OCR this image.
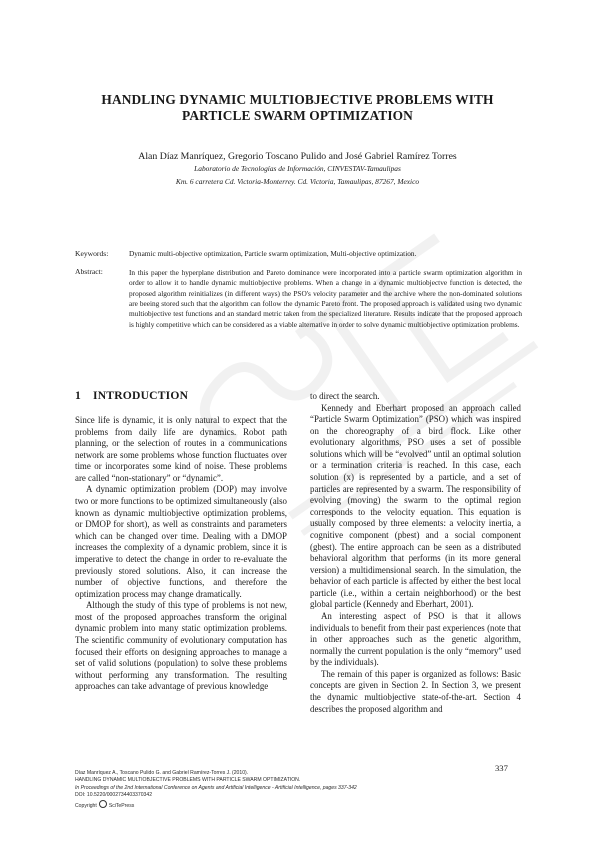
HANDLING DYNAMIC MULTIOBJECTIVE PROBLEMS WITH
PARTICLE SWARM OPTIMIZATION
Alan Díaz Manríquez, Gregorio Toscano Pulido and José Gabriel Ramírez Torres
Laboratorio de Tecnologías de Información, CINVESTAV-Tamaulipas
Km. 6 carretera Cd. Victoria-Monterrey. Cd. Victoria, Tamaulipas, 87267, Mexico
Keywords:	Dynamic multi-objective optimization, Particle swarm optimization, Multi-objective optimization.
Abstract:	In this paper the hyperplane distribution and Pareto dominance were incorporated into a particle swarm optimization algorithm in order to allow it to handle dynamic multiobjective problems. When a change in a dynamic multiobjectve function is detected, the proposed algorithm reinitializes (in different ways) the PSO's velocity parameter and the archive where the non-dominated solutions are beeing stored such that the algorithm can follow the dynamic Pareto front. The proposed approach is validated using two dynamic multiobjective test functions and an standard metric taken from the specialized literature. Results indicate that the proposed approach is highly competitive which can be considered as a viable alternative in order to solve dynamic multiobjective optimization problems.
1 INTRODUCTION

Since life is dynamic, it is only natural to expect that the problems from daily life are dynamics. Robot path planning, or the selection of routes in a communications network are some problems whose function fluctuates over time or incorporates some kind of noise. These problems are called “non-stationary” or “dynamic”.

A dynamic optimization problem (DOP) may involve two or more functions to be optimized simultaneously (also known as dynamic multiobjective optimization problems, or DMOP for short), as well as constraints and parameters which can be changed over time. Dealing with a DMOP increases the complexity of a dynamic problem, since it is imperative to detect the change in order to re-evaluate the previously stored solutions. Also, it can increase the number of objective functions, and therefore the optimization process may change dramatically.

Although the study of this type of problems is not new, most of the proposed approaches transform the original dynamic problem into many static optimization problems. The scientific community of evolutionary computation has focused their efforts on designing approaches to manage a set of valid solutions (population) to solve these problems without performing any transformation. The resulting approaches can take advantage of previous knowledge

to direct the search.

Kennedy and Eberhart proposed an approach called “Particle Swarm Optimization” (PSO) which was inspired on the choreography of a bird flock. Like other evolutionary algorithms, PSO uses a set of possible solutions which will be “evolved” until an optimal solution or a termination criteria is reached. In this case, each solution (x) is represented by a particle, and a set of particles are represented by a swarm. The responsibility of evolving (moving) the swarm to the optimal region corresponds to the velocity equation. This equation is usually composed by three elements: a velocity inertia, a cognitive component (pbest) and a social component (gbest). The entire approach can be seen as a distributed behavioral algorithm that performs (in its more general version) a multidimensional search. In the simulation, the behavior of each particle is affected by either the best local particle (i.e., within a certain neighborhood) or the best global particle (Kennedy and Eberhart, 2001).

An interesting aspect of PSO is that it allows individuals to benefit from their past experiences (note that in other approaches such as the genetic algorithm, normally the current population is the only “memory” used by the individuals).

The remain of this paper is organized as follows: Basic concepts are given in Section 2. In Section 3, we present the dynamic multiobjective state-of-the-art. Section 4 describes the proposed algorithm and

337
Díaz Manríquez A., Toscano Pulido G. and Gabriel Ramírez-Torres J. (2010).
HANDLING DYNAMIC MULTIOBJECTIVE PROBLEMS WITH PARTICLE SWARM OPTIMIZATION.
In Proceedings of the 2nd International Conference on Agents and Artificial Intelligence - Artificial Intelligence, pages 337-342
DOI: 10.5220/0002734403370342
Copyright SciTePress
